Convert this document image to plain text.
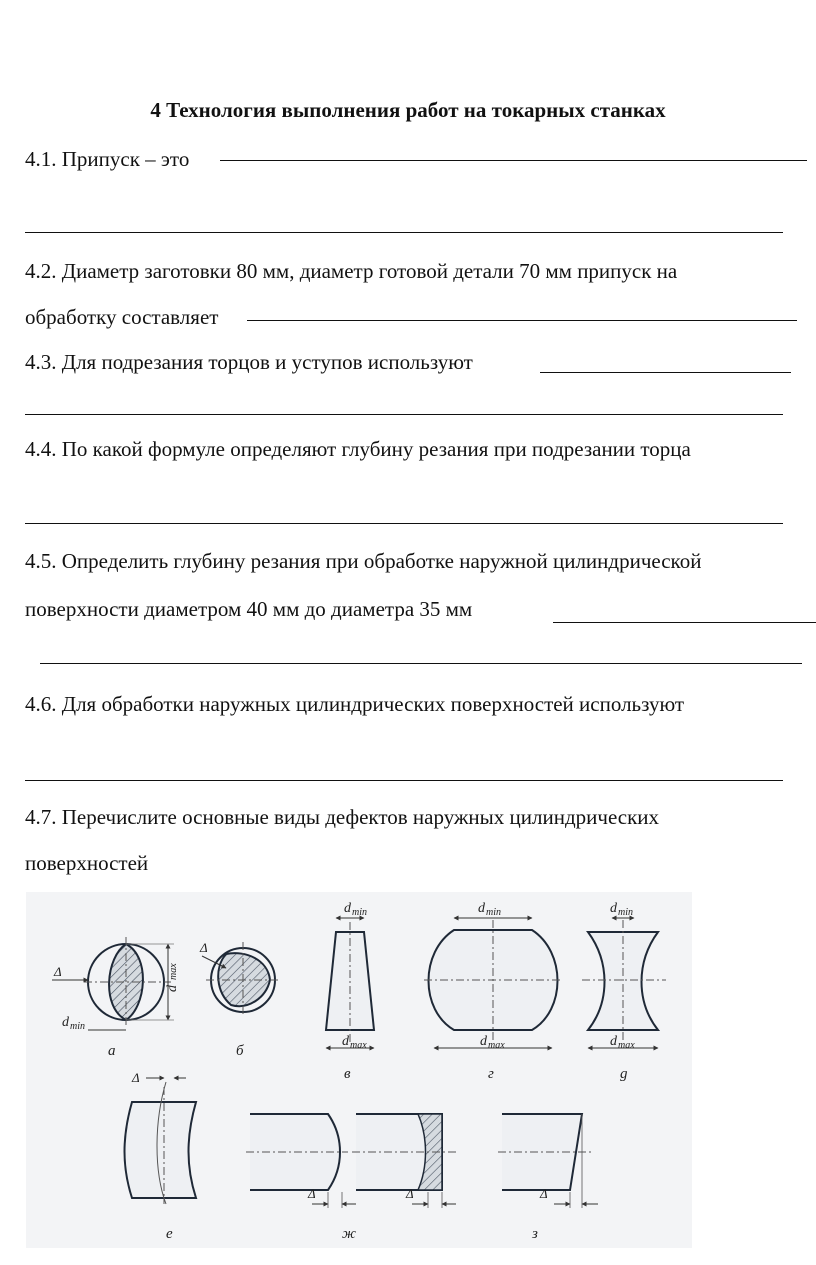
4 Технология выполнения работ на токарных станках
4.1. Припуск – это
4.2. Диаметр заготовки 80 мм, диаметр готовой детали 70 мм припуск на
обработку составляет
4.3. Для подрезания торцов и уступов используют
4.4. По какой формуле определяют глубину резания при подрезании торца
4.5. Определить глубину резания при обработке наружной цилиндрической
поверхности диаметром 40 мм до диаметра 35 мм
4.6. Для обработки наружных цилиндрических поверхностей используют
4.7. Перечислите основные виды дефектов наружных цилиндрических
поверхностей
d
max
d min
Δ
а
Δ
б
d min
d max
в
d min
d max
г
d min
d max
g
Δ
е
Δ	Δ
ж
Δ
з
